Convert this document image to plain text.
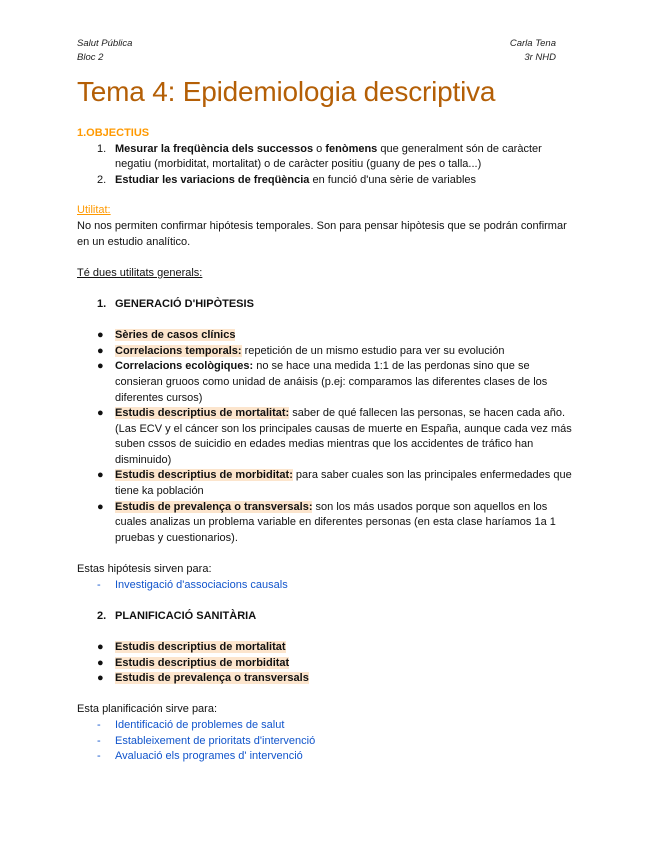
Salut Pública
Bloc 2
Carla Tena
3r NHD
Tema 4: Epidemiologia descriptiva

1.OBJECTIUS

1. Mesurar la freqüència dels successos o fenòmens que generalment són de caràcter negatiu (morbiditat, mortalitat) o de caràcter positiu (guany de pes o talla...)
2. Estudiar les variacions de freqüència en funció d'una sèrie de variables

Utilitat:

No nos permiten confirmar hipótesis temporales. Son para pensar hipòtesis que se podrán confirmar en un estudio analítico.

Té dues utilitats generals:

1. GENERACIÓ D'HIPÒTESIS

● Sèries de casos clínics
● Correlacions temporals: repetición de un mismo estudio para ver su evolución
● Correlacions ecològiques: no se hace una medida 1:1 de las perdonas sino que se consieran gruoos como unidad de anáisis (p.ej: comparamos las diferentes clases de los diferentes cursos)
● Estudis descriptius de mortalitat: saber de qué fallecen las personas, se hacen cada año. (Las ECV y el cáncer son los principales causas de muerte en España, aunque cada vez más suben cssos de suicidio en edades medias mientras que los accidentes de tráfico han disminuido)
● Estudis descriptius de morbiditat: para saber cuales son las principales enfermedades que tiene ka población
● Estudis de prevalença o transversals: son los más usados porque son aquellos en los cuales analizas un problema variable en diferentes personas (en esta clase haríamos 1a 1 pruebas y cuestionarios).

Estas hipótesis sirven para:

- Investigació d'associacions causals

2. PLANIFICACIÓ SANITÀRIA

● Estudis descriptius de mortalitat
● Estudis descriptius de morbiditat
● Estudis de prevalença o transversals

Esta planificación sirve para:

- Identificació de problemes de salut
- Estableixement de prioritats d'intervenció
- Avaluació els programes d' intervenció
